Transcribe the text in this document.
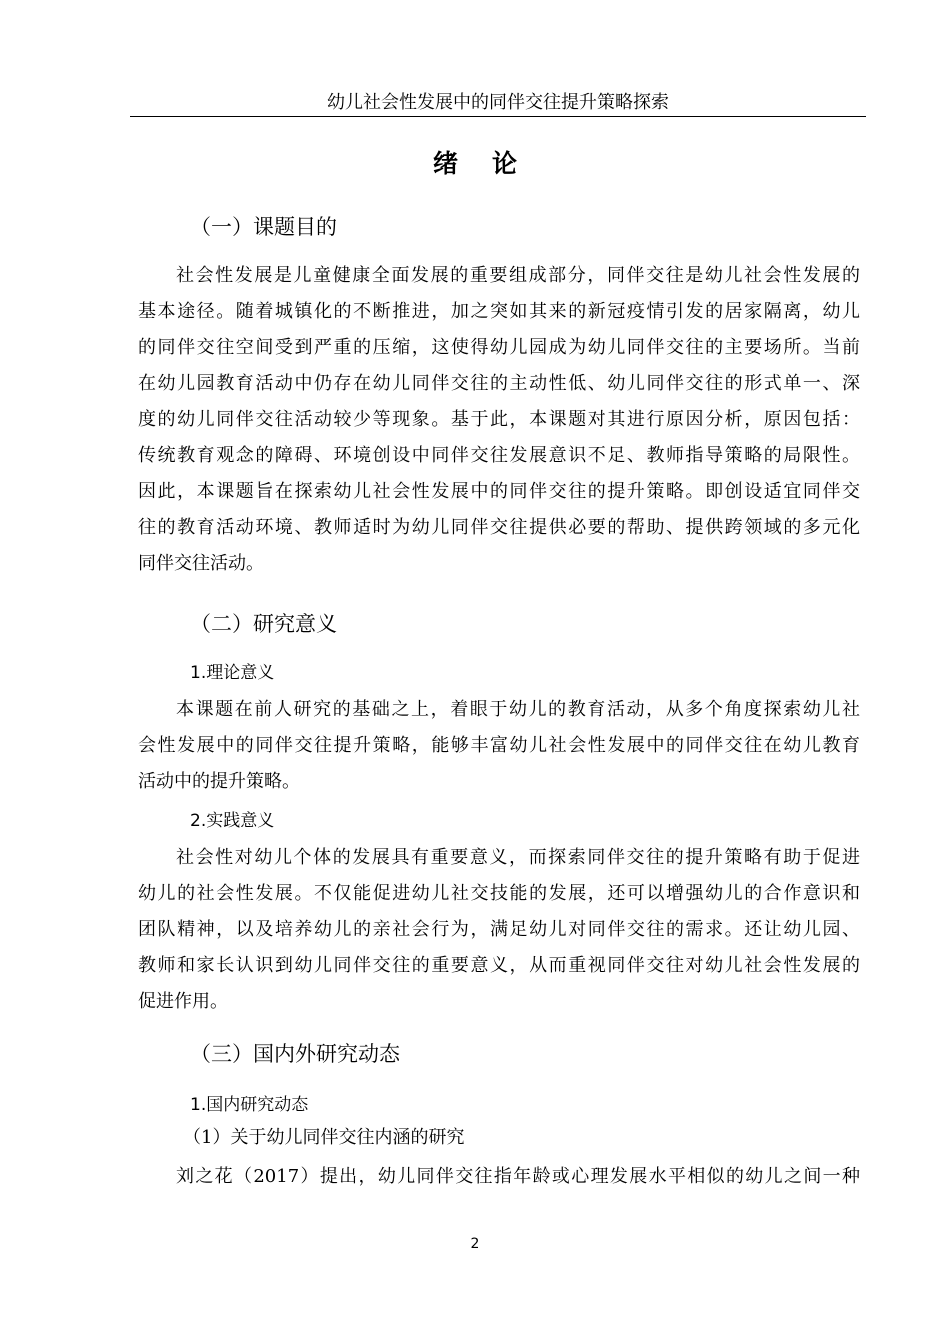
幼儿社会性发展中的同伴交往提升策略探索
绪论
（一）课题目的
社会性发展是儿童健康全面发展的重要组成部分，同伴交往是幼儿社会性发展的
基本途径。随着城镇化的不断推进，加之突如其来的新冠疫情引发的居家隔离，幼儿
的同伴交往空间受到严重的压缩，这使得幼儿园成为幼儿同伴交往的主要场所。当前
在幼儿园教育活动中仍存在幼儿同伴交往的主动性低、幼儿同伴交往的形式单一、深
度的幼儿同伴交往活动较少等现象。基于此，本课题对其进行原因分析，原因包括：
传统教育观念的障碍、环境创设中同伴交往发展意识不足、教师指导策略的局限性。
因此，本课题旨在探索幼儿社会性发展中的同伴交往的提升策略。即创设适宜同伴交
往的教育活动环境、教师适时为幼儿同伴交往提供必要的帮助、提供跨领域的多元化
同伴交往活动。
（二）研究意义
1.理论意义
本课题在前人研究的基础之上，着眼于幼儿的教育活动，从多个角度探索幼儿社
会性发展中的同伴交往提升策略，能够丰富幼儿社会性发展中的同伴交往在幼儿教育
活动中的提升策略。
2.实践意义
社会性对幼儿个体的发展具有重要意义，而探索同伴交往的提升策略有助于促进
幼儿的社会性发展。不仅能促进幼儿社交技能的发展，还可以增强幼儿的合作意识和
团队精神，以及培养幼儿的亲社会行为，满足幼儿对同伴交往的需求。还让幼儿园、
教师和家长认识到幼儿同伴交往的重要意义，从而重视同伴交往对幼儿社会性发展的
促进作用。
（三）国内外研究动态
1.国内研究动态
（1）关于幼儿同伴交往内涵的研究
刘之花（2017）提出，幼儿同伴交往指年龄或心理发展水平相似的幼儿之间一种
2
